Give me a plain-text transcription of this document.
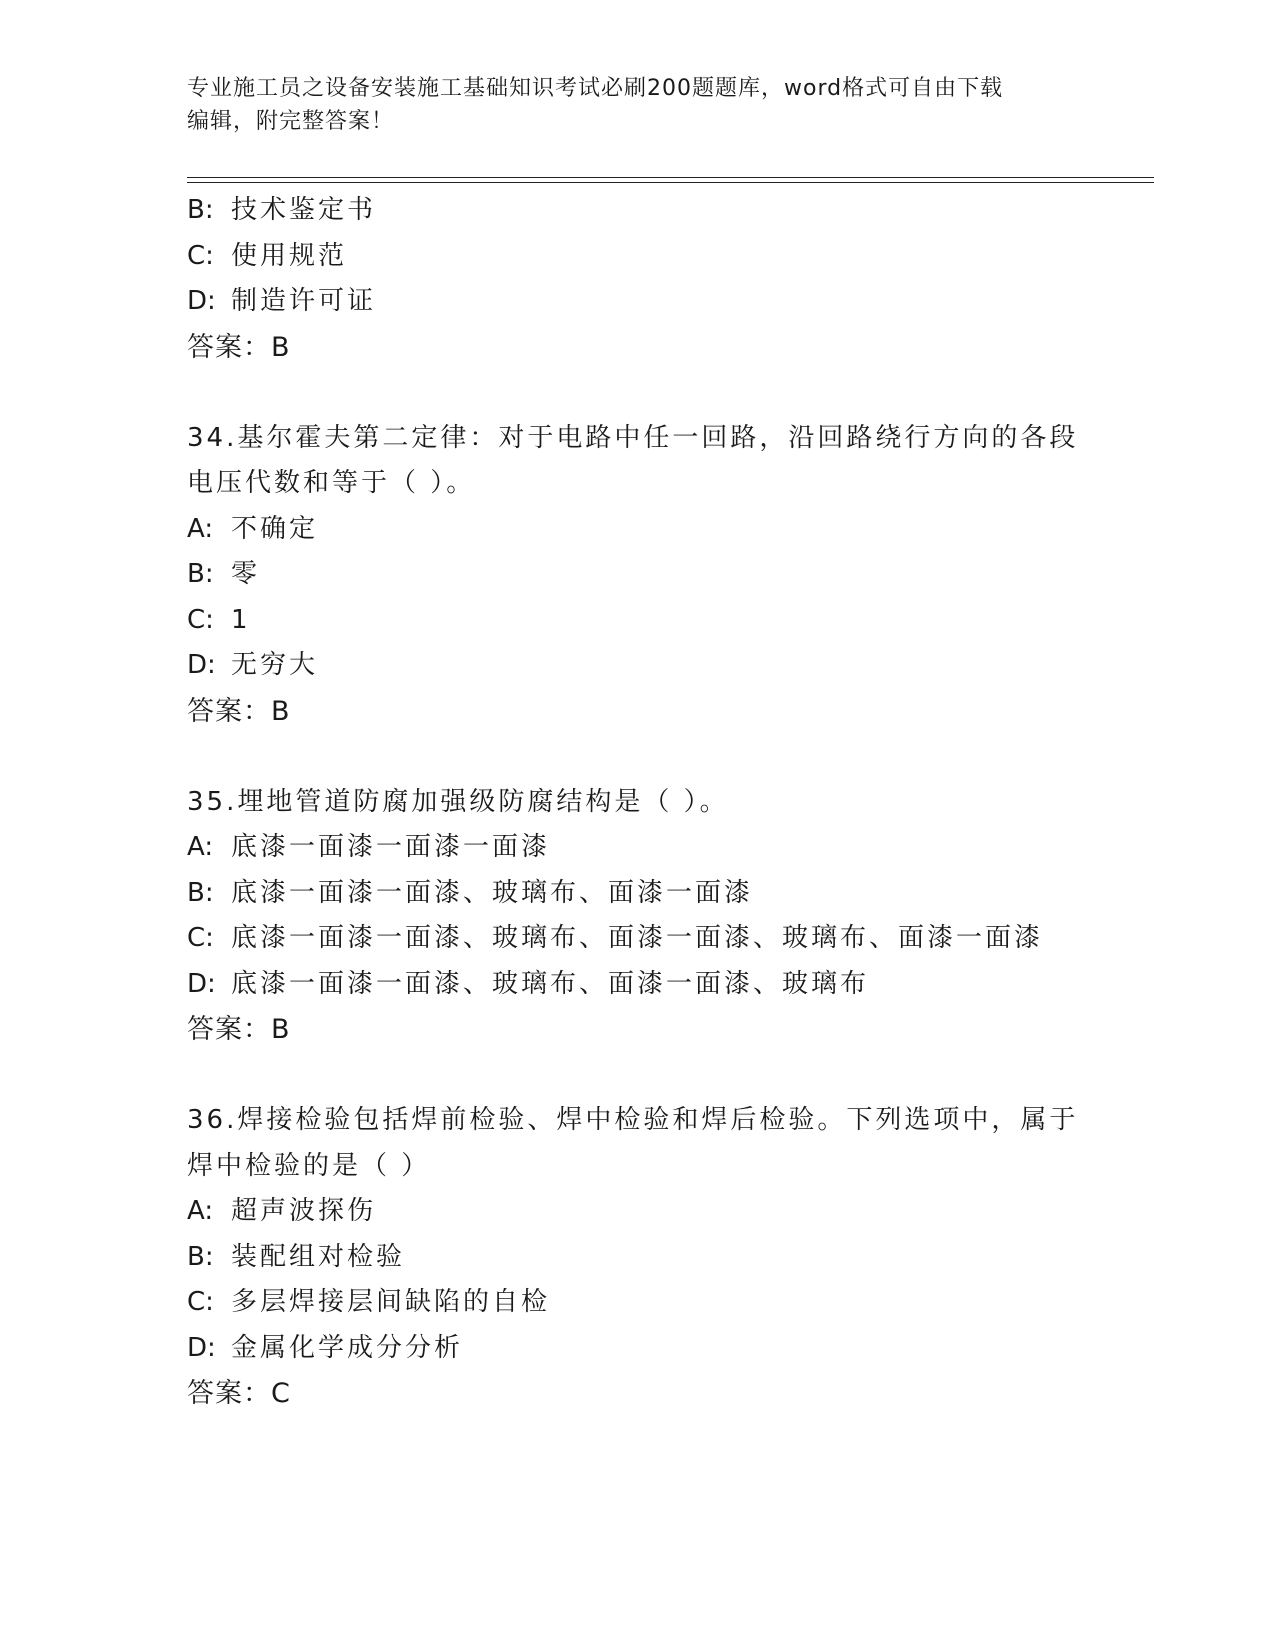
专业施工员之设备安装施工基础知识考试必刷200题题库，word格式可自由下载
编辑，附完整答案！
B: 技术鉴定书
C: 使用规范
D: 制造许可证
答案：B
34.基尔霍夫第二定律：对于电路中任一回路，沿回路绕行方向的各段
电压代数和等于（ ）。
A: 不确定
B: 零
C: 1
D: 无穷大
答案：B
35.埋地管道防腐加强级防腐结构是（ ）。
A: 底漆一面漆一面漆一面漆
B: 底漆一面漆一面漆、玻璃布、面漆一面漆
C: 底漆一面漆一面漆、玻璃布、面漆一面漆、玻璃布、面漆一面漆
D: 底漆一面漆一面漆、玻璃布、面漆一面漆、玻璃布
答案：B
36.焊接检验包括焊前检验、焊中检验和焊后检验。下列选项中，属于
焊中检验的是（ ）
A: 超声波探伤
B: 装配组对检验
C: 多层焊接层间缺陷的自检
D: 金属化学成分分析
答案：C
